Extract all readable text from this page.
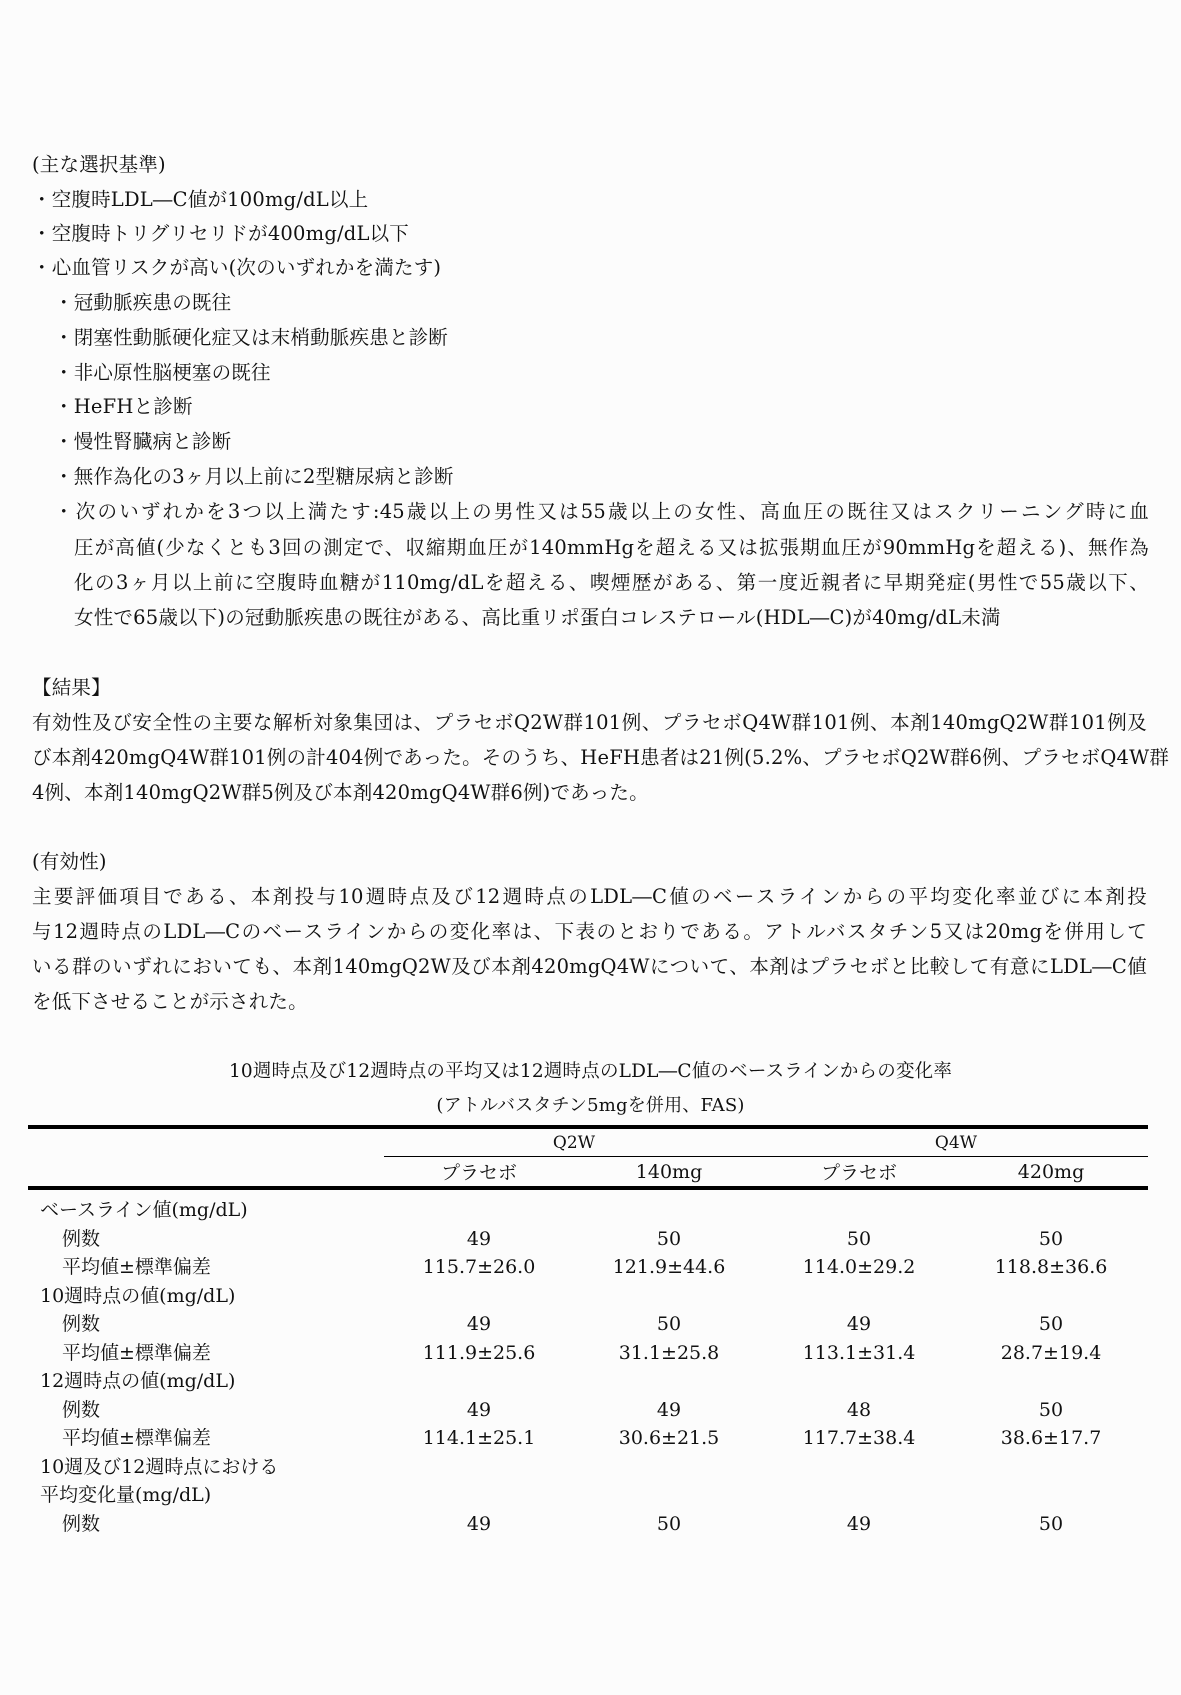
(主な選択基準)
・空腹時LDL―C値が100mg/dL以上
・空腹時トリグリセリドが400mg/dL以下
・心血管リスクが高い(次のいずれかを満たす)
・冠動脈疾患の既往
・閉塞性動脈硬化症又は末梢動脈疾患と診断
・非心原性脳梗塞の既往
・HeFHと診断
・慢性腎臓病と診断
・無作為化の3ヶ月以上前に2型糖尿病と診断
・次のいずれかを3つ以上満たす:45歳以上の男性又は55歳以上の女性、高血圧の既往又はスクリーニング時に血
圧が高値(少なくとも3回の測定で、収縮期血圧が140mmHgを超える又は拡張期血圧が90mmHgを超える)、無作為
化の3ヶ月以上前に空腹時血糖が110mg/dLを超える、喫煙歴がある、第一度近親者に早期発症(男性で55歳以下、
女性で65歳以下)の冠動脈疾患の既往がある、高比重リポ蛋白コレステロール(HDL―C)が40mg/dL未満
【結果】
有効性及び安全性の主要な解析対象集団は、プラセボQ2W群101例、プラセボQ4W群101例、本剤140mgQ2W群101例及
び本剤420mgQ4W群101例の計404例であった。そのうち、HeFH患者は21例(5.2%、プラセボQ2W群6例、プラセボQ4W群
4例、本剤140mgQ2W群5例及び本剤420mgQ4W群6例)であった。
(有効性)
主要評価項目である、本剤投与10週時点及び12週時点のLDL―C値のベースラインからの平均変化率並びに本剤投
与12週時点のLDL―Cのベースラインからの変化率は、下表のとおりである。アトルバスタチン5又は20mgを併用して
いる群のいずれにおいても、本剤140mgQ2W及び本剤420mgQ4Wについて、本剤はプラセボと比較して有意にLDL―C値
を低下させることが示された。
10週時点及び12週時点の平均又は12週時点のLDL―C値のベースラインからの変化率
(アトルバスタチン5mgを併用、FAS)
	Q2W		Q4W	
	プラセボ	140mg	プラセボ	420mg
ベースライン値(mg/dL)				
例数	49	50	50	50
平均値±標準偏差	115.7±26.0	121.9±44.6	114.0±29.2	118.8±36.6
10週時点の値(mg/dL)				
例数	49	50	49	50
平均値±標準偏差	111.9±25.6	31.1±25.8	113.1±31.4	28.7±19.4
12週時点の値(mg/dL)				
例数	49	49	48	50
平均値±標準偏差	114.1±25.1	30.6±21.5	117.7±38.4	38.6±17.7
10週及び12週時点における				
平均変化量(mg/dL)				
例数	49	50	49	50
